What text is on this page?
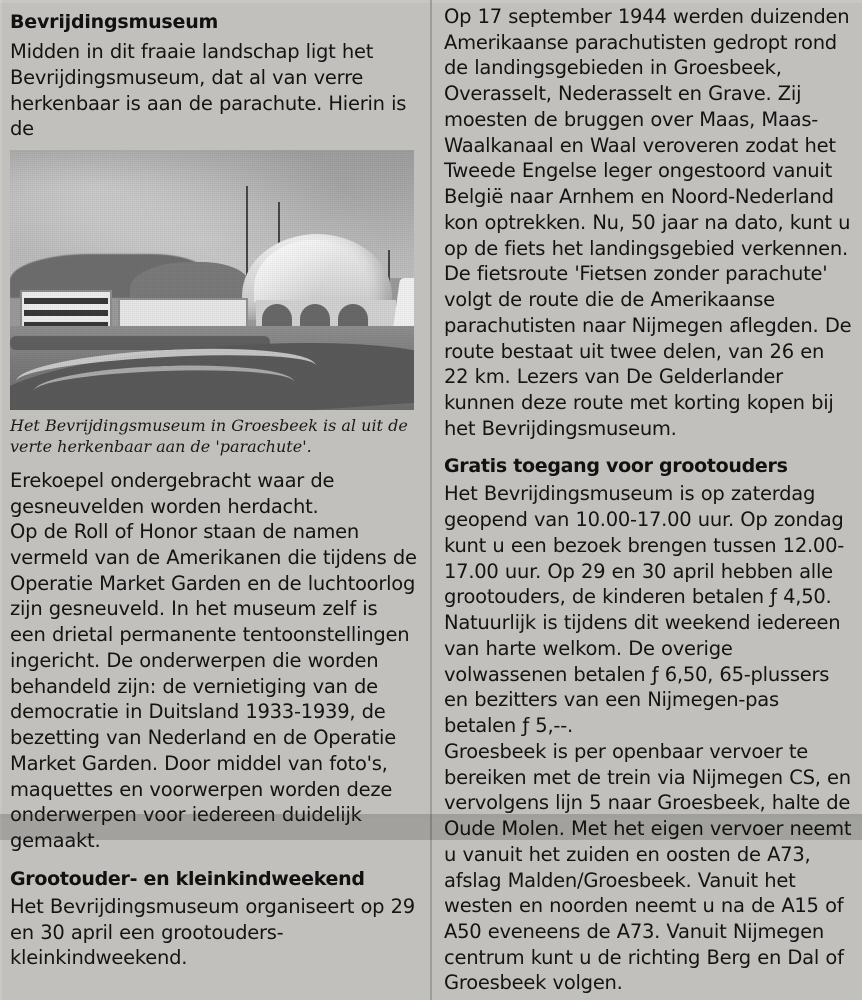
Bevrijdingsmuseum

Midden in dit fraaie landschap ligt het Bevrijdingsmuseum, dat al van verre herkenbaar is aan de parachute. Hierin is de

Het Bevrijdingsmuseum in Groesbeek is al uit de verte herkenbaar aan de 'parachute'.

Erekoepel ondergebracht waar de gesneuvelden worden herdacht.

Op de Roll of Honor staan de namen vermeld van de Amerikanen die tijdens de Operatie Market Garden en de luchtoorlog zijn gesneuveld. In het museum zelf is een drietal permanente tentoonstellingen ingericht. De onderwerpen die worden behandeld zijn: de vernietiging van de democratie in Duitsland 1933-1939, de bezetting van Nederland en de Operatie Market Garden. Door middel van foto's, maquettes en voorwerpen worden deze onderwerpen voor iedereen duidelijk gemaakt.

Grootouder- en kleinkindweekend

Het Bevrijdingsmuseum organiseert op 29 en 30 april een grootouders-kleinkindweekend.

Op 17 september 1944 werden duizenden Amerikaanse parachutisten gedropt rond de landingsgebieden in Groesbeek, Overasselt, Nederasselt en Grave. Zij moesten de bruggen over Maas, Maas- Waalkanaal en Waal veroveren zodat het Tweede Engelse leger ongestoord vanuit België naar Arnhem en Noord-Nederland kon optrekken. Nu, 50 jaar na dato, kunt u op de fiets het landingsgebied verkennen. De fietsroute 'Fietsen zonder parachute' volgt de route die de Amerikaanse parachutisten naar Nijmegen aflegden. De route bestaat uit twee delen, van 26 en 22 km. Lezers van De Gelderlander kunnen deze route met korting kopen bij het Bevrijdingsmuseum.

Gratis toegang voor grootouders

Het Bevrijdingsmuseum is op zaterdag geopend van 10.00-17.00 uur. Op zondag kunt u een bezoek brengen tussen 12.00-17.00 uur. Op 29 en 30 april hebben alle grootouders, de kinderen betalen ƒ 4,50. Natuurlijk is tijdens dit weekend iedereen van harte welkom. De overige volwassenen betalen ƒ 6,50, 65-plussers en bezitters van een Nijmegen-pas betalen ƒ 5,--.

Groesbeek is per openbaar vervoer te bereiken met de trein via Nijmegen CS, en vervolgens lijn 5 naar Groesbeek, halte de Oude Molen. Met het eigen vervoer neemt u vanuit het zuiden en oosten de A73, afslag Malden/Groesbeek. Vanuit het westen en noorden neemt u na de A15 of A50 eveneens de A73. Vanuit Nijmegen centrum kunt u de richting Berg en Dal of Groesbeek volgen.
